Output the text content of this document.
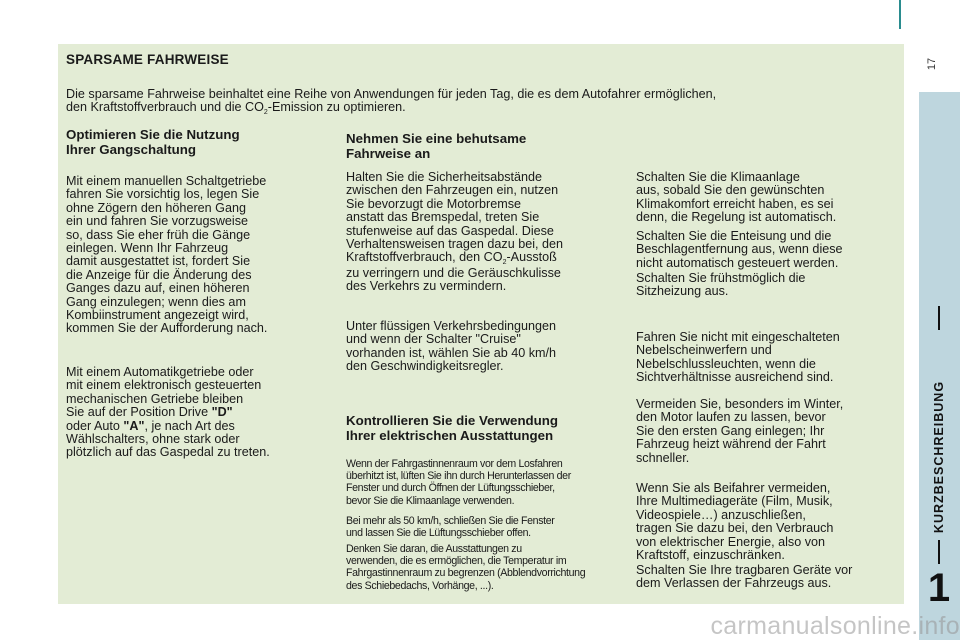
SPARSAME FAHRWEISE
Die sparsame Fahrweise beinhaltet eine Reihe von Anwendungen für jeden Tag, die es dem Autofahrer ermöglichen,
den Kraftstoffverbrauch und die $CO_2$-Emission zu optimieren.
Optimieren Sie die Nutzung
Ihrer Gangschaltung
Mit einem manuellen Schaltgetriebe
fahren Sie vorsichtig los, legen Sie
ohne Zögern den höheren Gang
ein und fahren Sie vorzugsweise
so, dass Sie eher früh die Gänge
einlegen. Wenn Ihr Fahrzeug
damit ausgestattet ist, fordert Sie
die Anzeige für die Änderung des
Ganges dazu auf, einen höheren
Gang einzulegen; wenn dies am
Kombiinstrument angezeigt wird,
kommen Sie der Aufforderung nach.
Mit einem Automatikgetriebe oder
mit einem elektronisch gesteuerten
mechanischen Getriebe bleiben
Sie auf der Position Drive "D"
oder Auto "A", je nach Art des
Wählschalters, ohne stark oder
plötzlich auf das Gaspedal zu treten.
Nehmen Sie eine behutsame
Fahrweise an
Halten Sie die Sicherheitsabstände
zwischen den Fahrzeugen ein, nutzen
Sie bevorzugt die Motorbremse
anstatt das Bremspedal, treten Sie
stufenweise auf das Gaspedal. Diese
Verhaltensweisen tragen dazu bei, den
Kraftstoffverbrauch, den $CO_2$-Ausstoß
zu verringern und die Geräuschkulisse
des Verkehrs zu vermindern.
Unter flüssigen Verkehrsbedingungen
und wenn der Schalter "Cruise"
vorhanden ist, wählen Sie ab 40 km/h
den Geschwindigkeitsregler.
Kontrollieren Sie die Verwendung
Ihrer elektrischen Ausstattungen
Wenn der Fahrgastinnenraum vor dem Losfahren
überhitzt ist, lüften Sie ihn durch Herunterlassen der
Fenster und durch Öffnen der Lüftungsschieber,
bevor Sie die Klimaanlage verwenden.
Bei mehr als 50 km/h, schließen Sie die Fenster
und lassen Sie die Lüftungsschieber offen.
Denken Sie daran, die Ausstattungen zu
verwenden, die es ermöglichen, die Temperatur im
Fahrgastinnenraum zu begrenzen (Abblendvorrichtung
des Schiebedachs, Vorhänge, ...).
Schalten Sie die Klimaanlage
aus, sobald Sie den gewünschten
Klimakomfort erreicht haben, es sei
denn, die Regelung ist automatisch.
Schalten Sie die Enteisung und die
Beschlagentfernung aus, wenn diese
nicht automatisch gesteuert werden.
Schalten Sie frühstmöglich die
Sitzheizung aus.
Fahren Sie nicht mit eingeschalteten
Nebelscheinwerfern und
Nebelschlussleuchten, wenn die
Sichtverhältnisse ausreichend sind.
Vermeiden Sie, besonders im Winter,
den Motor laufen zu lassen, bevor
Sie den ersten Gang einlegen; Ihr
Fahrzeug heizt während der Fahrt
schneller.
Wenn Sie als Beifahrer vermeiden,
Ihre Multimediageräte (Film, Musik,
Videospiele…) anzuschließen,
tragen Sie dazu bei, den Verbrauch
von elektrischer Energie, also von
Kraftstoff, einzuschränken.
Schalten Sie Ihre tragbaren Geräte vor
dem Verlassen der Fahrzeugs aus.
17
KURZBESCHREIBUNG
1
carmanualsonline.info
